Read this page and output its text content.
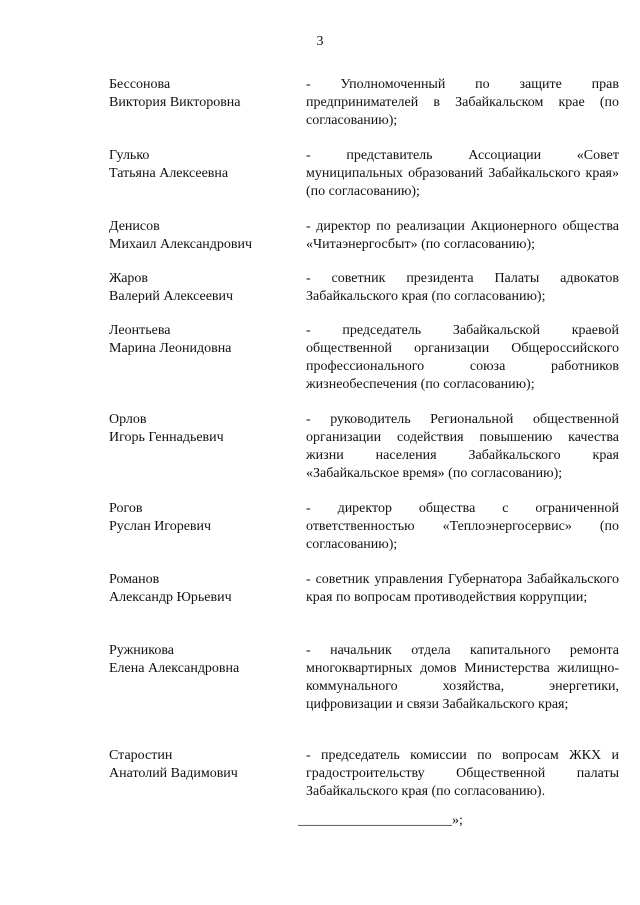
3
Бессонова
Виктория Викторовна
- Уполномоченный по защите прав предпринимателей в Забайкальском крае (по согласованию);
Гулько
Татьяна Алексеевна
- представитель Ассоциации «Совет муниципальных образований Забайкальского края» (по согласованию);
Денисов
Михаил Александрович
- директор по реализации Акционерного общества «Читаэнергосбыт» (по согласованию);
Жаров
Валерий Алексеевич
- советник президента Палаты адвокатов Забайкальского края (по согласованию);
Леонтьева
Марина Леонидовна
- председатель Забайкальской краевой общественной организации Общероссийского профессионального союза работников жизнеобеспечения (по согласованию);
Орлов
Игорь Геннадьевич
- руководитель Региональной общественной организации содействия повышению качества жизни населения Забайкальского края «Забайкальское время» (по согласованию);
Рогов
Руслан Игоревич
- директор общества с ограниченной ответственностью «Теплоэнергосервис» (по согласованию);
Романов
Александр Юрьевич
- советник управления Губернатора Забайкальского края по вопросам противодействия коррупции;
Ружникова
Елена Александровна
- начальник отдела капитального ремонта многоквартирных домов Министерства жилищно-коммунального хозяйства, энергетики, цифровизации и связи Забайкальского края;
Старостин
Анатолий Вадимович
- председатель комиссии по вопросам ЖКХ и градостроительству Общественной палаты Забайкальского края (по согласованию).
______________________»;
